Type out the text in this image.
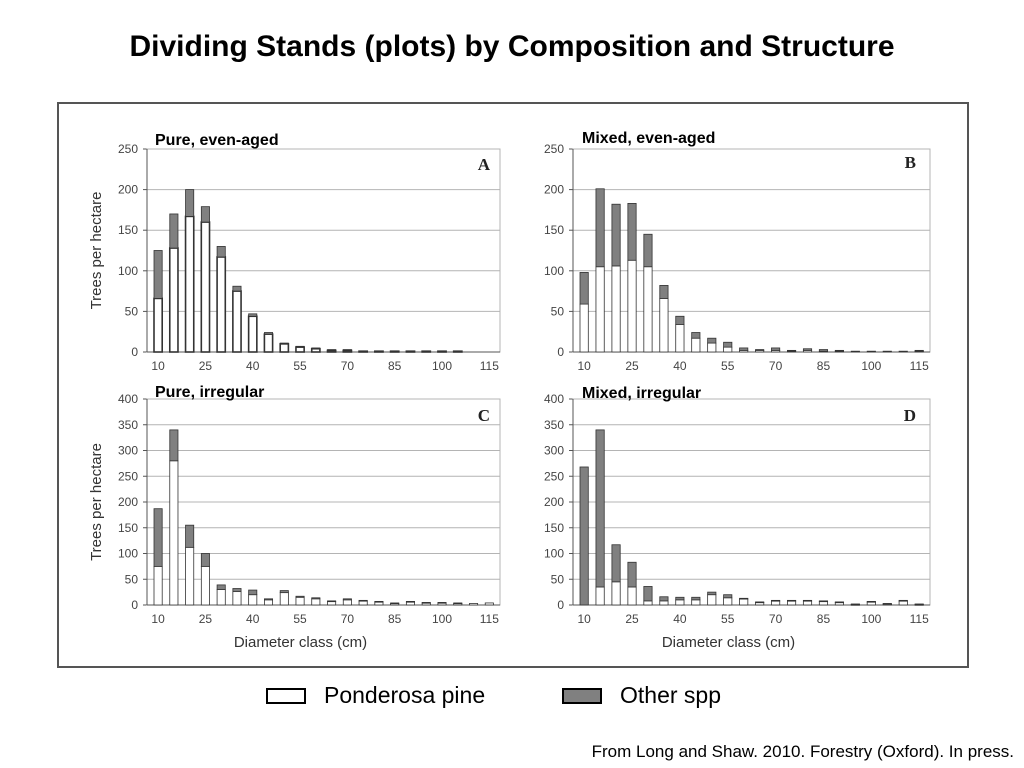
Dividing Stands (plots) by Composition and Structure
0
50
100
150
200
250
10	25	40	55	70	85	100 115
Pure, even-aged
A
Trees per hectare
0
50
100
150
200
250
10	25	40	55	70	85	100 115
Mixed, even-aged
B
0
50
100
150
200
250
300
350
400
10	25	40	55	70	85	100 115
Pure, irregular
C
Trees per hectare
Diameter class (cm)
0
50
100
150
200
250
300
350
400
10	25	40	55	70	85	100 115
Mixed, irregular
D
Diameter class (cm)
Ponderosa pine	Other spp
From Long and Shaw. 2010. Forestry (Oxford). In press.
